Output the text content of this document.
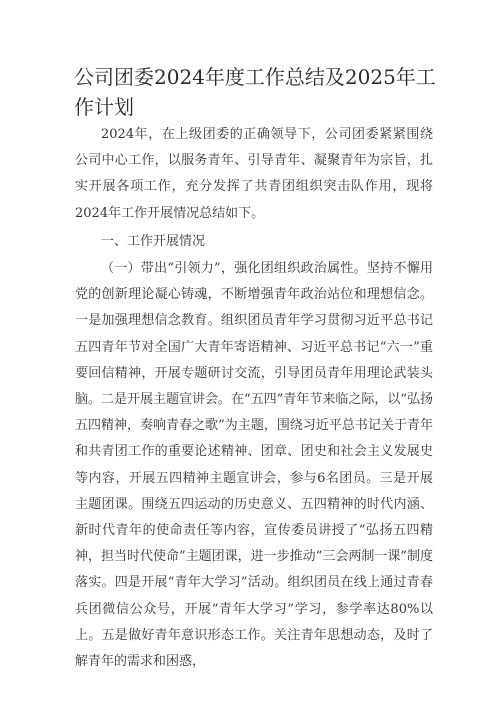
公司团委2024年度工作总结及2025年工作计划

2024年，在上级团委的正确领导下，公司团委紧紧围绕公司中心工作，以服务青年、引导青年、凝聚青年为宗旨，扎实开展各项工作，充分发挥了共青团组织突击队作用，现将2024年工作开展情况总结如下。

一、工作开展情况

（一）带出“引领力”，强化团组织政治属性。坚持不懈用党的创新理论凝心铸魂，不断增强青年政治站位和理想信念。一是加强理想信念教育。组织团员青年学习贯彻习近平总书记五四青年节对全国广大青年寄语精神、习近平总书记“六一”重要回信精神，开展专题研讨交流，引导团员青年用理论武装头脑。二是开展主题宣讲会。在“五四”青年节来临之际，以“弘扬五四精神，奏响青春之歌”为主题，围绕习近平总书记关于青年和共青团工作的重要论述精神、团章、团史和社会主义发展史等内容，开展五四精神主题宣讲会，参与6名团员。三是开展主题团课。围绕五四运动的历史意义、五四精神的时代内涵、新时代青年的使命责任等内容，宣传委员讲授了“弘扬五四精神，担当时代使命”主题团课，进一步推动“三会两制一课”制度落实。四是开展“青年大学习”活动。组织团员在线上通过青春兵团微信公众号，开展“青年大学习”学习，参学率达80%以上。五是做好青年意识形态工作。关注青年思想动态，及时了解青年的需求和困惑，
